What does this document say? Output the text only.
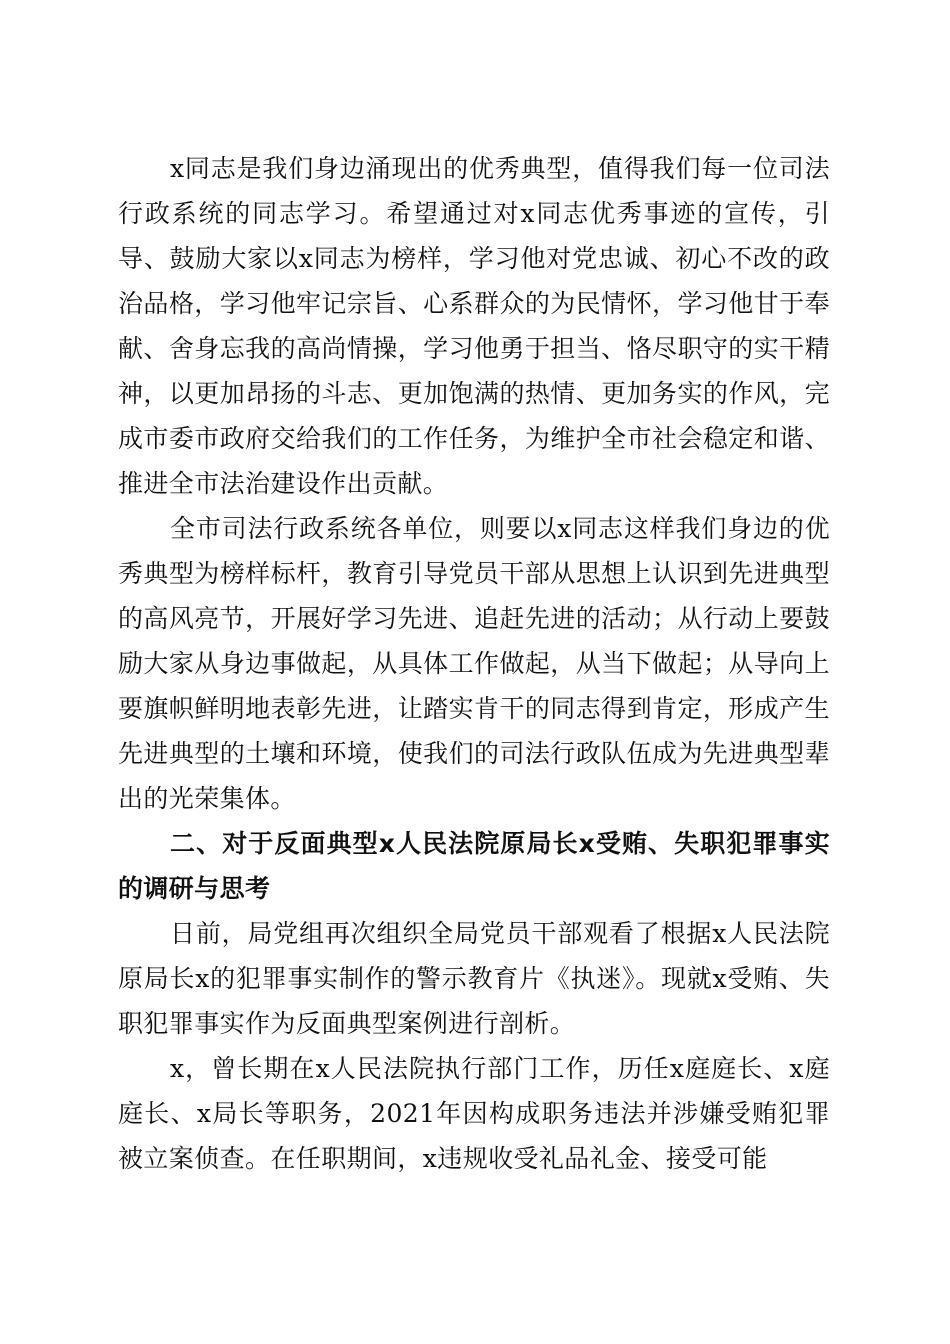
x同志是我们身边涌现出的优秀典型，值得我们每一位司法行政系统的同志学习。希望通过对x同志优秀事迹的宣传，引导、鼓励大家以x同志为榜样，学习他对党忠诚、初心不改的政治品格，学习他牢记宗旨、心系群众的为民情怀，学习他甘于奉献、舍身忘我的高尚情操，学习他勇于担当、恪尽职守的实干精神，以更加昂扬的斗志、更加饱满的热情、更加务实的作风，完成市委市政府交给我们的工作任务，为维护全市社会稳定和谐、推进全市法治建设作出贡献。

全市司法行政系统各单位，则要以x同志这样我们身边的优秀典型为榜样标杆，教育引导党员干部从思想上认识到先进典型的高风亮节，开展好学习先进、追赶先进的活动；从行动上要鼓励大家从身边事做起，从具体工作做起，从当下做起；从导向上要旗帜鲜明地表彰先进，让踏实肯干的同志得到肯定，形成产生先进典型的土壤和环境，使我们的司法行政队伍成为先进典型辈出的光荣集体。

二、对于反面典型x人民法院原局长x受贿、失职犯罪事实的调研与思考

日前，局党组再次组织全局党员干部观看了根据x人民法院原局长x的犯罪事实制作的警示教育片《执迷》。现就x受贿、失职犯罪事实作为反面典型案例进行剖析。

x，曾长期在x人民法院执行部门工作，历任x庭庭长、x庭庭长、x局长等职务，2021年因构成职务违法并涉嫌受贿犯罪被立案侦查。在任职期间，x违规收受礼品礼金、接受可能
